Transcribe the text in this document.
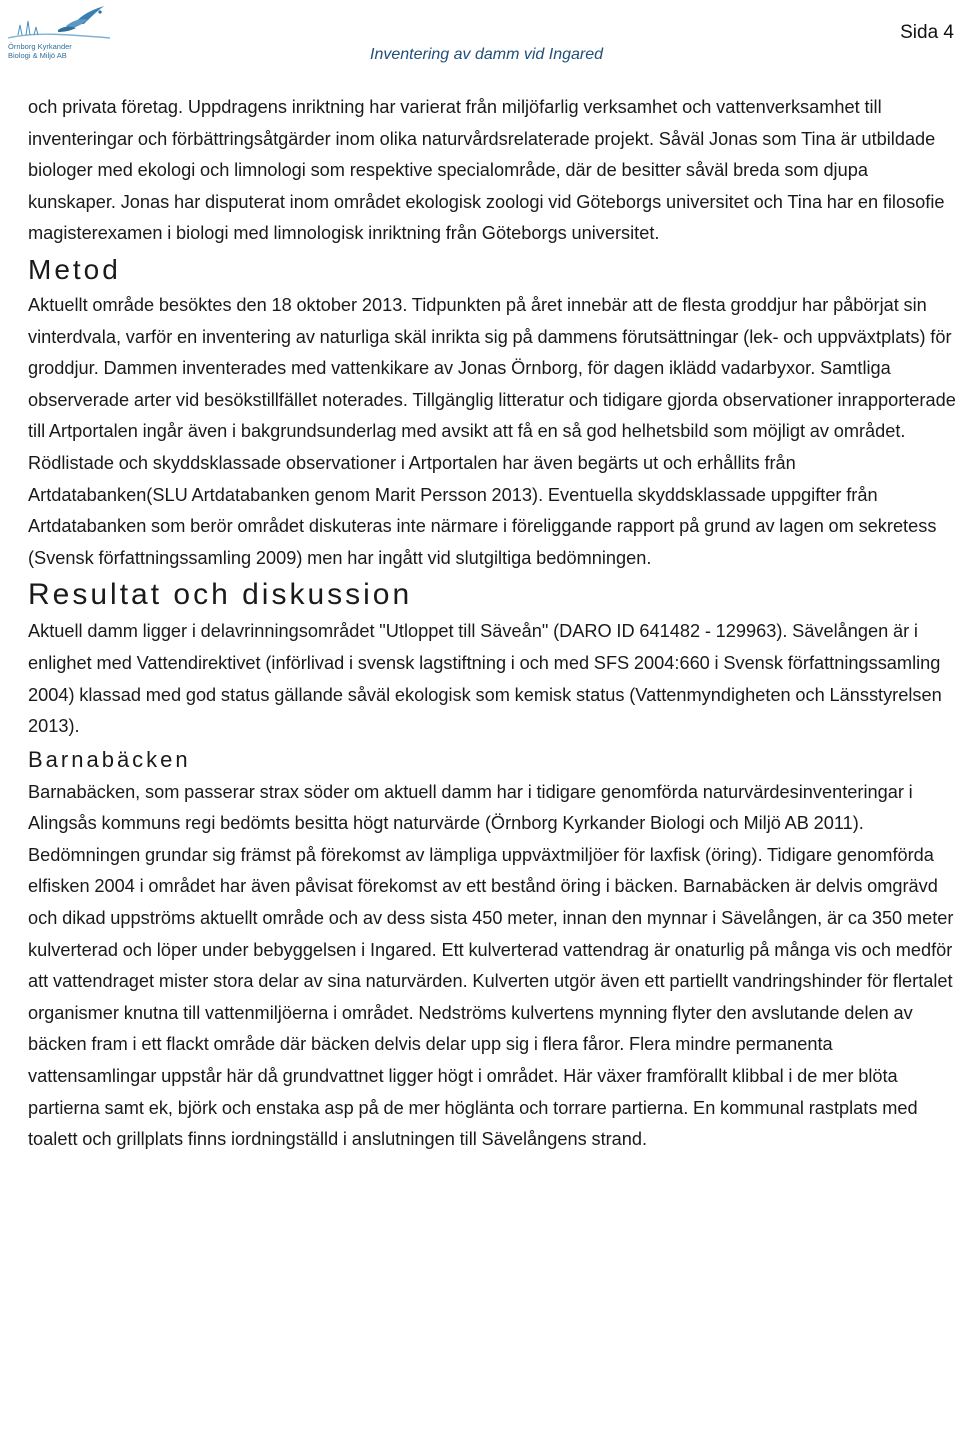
Örnborg Kyrkander
Biologi & Miljö AB	Inventering av damm vid Ingared
Sida 4

och privata företag. Uppdragens inriktning har varierat från miljöfarlig verksamhet och vattenverksamhet till inventeringar och förbättringsåtgärder inom olika naturvårdsrelaterade projekt. Såväl Jonas som Tina är utbildade biologer med ekologi och limnologi som respektive specialområde, där de besitter såväl breda som djupa kunskaper. Jonas har disputerat inom området ekologisk zoologi vid Göteborgs universitet och Tina har en filosofie magisterexamen i biologi med limnologisk inriktning från Göteborgs universitet.

Metod

Aktuellt område besöktes den 18 oktober 2013. Tidpunkten på året innebär att de flesta groddjur har påbörjat sin vinterdvala, varför en inventering av naturliga skäl inrikta sig på dammens förutsättningar (lek- och uppväxtplats) för groddjur. Dammen inventerades med vattenkikare av Jonas Örnborg, för dagen iklädd vadarbyxor. Samtliga observerade arter vid besökstillfället noterades. Tillgänglig litteratur och tidigare gjorda observationer inrapporterade till Artportalen ingår även i bakgrundsunderlag med avsikt att få en så god helhetsbild som möjligt av området. Rödlistade och skyddsklassade observationer i Artportalen har även begärts ut och erhållits från Artdatabanken(SLU Artdatabanken genom Marit Persson 2013). Eventuella skyddsklassade uppgifter från Artdatabanken som berör området diskuteras inte närmare i föreliggande rapport på grund av lagen om sekretess (Svensk författningssamling 2009) men har ingått vid slutgiltiga bedömningen.

Resultat och diskussion

Aktuell damm ligger i delavrinningsområdet "Utloppet till Säveån" (DARO ID 641482 - 129963). Sävelången är i enlighet med Vattendirektivet (införlivad i svensk lagstiftning i och med SFS 2004:660 i Svensk författningssamling 2004) klassad med god status gällande såväl ekologisk som kemisk status (Vattenmyndigheten och Länsstyrelsen 2013).

Barnabäcken

Barnabäcken, som passerar strax söder om aktuell damm har i tidigare genomförda naturvärdesinventeringar i Alingsås kommuns regi bedömts besitta högt naturvärde (Örnborg Kyrkander Biologi och Miljö AB 2011). Bedömningen grundar sig främst på förekomst av lämpliga uppväxtmiljöer för laxfisk (öring). Tidigare genomförda elfisken 2004 i området har även påvisat förekomst av ett bestånd öring i bäcken. Barnabäcken är delvis omgrävd och dikad uppströms aktuellt område och av dess sista 450 meter, innan den mynnar i Sävelången, är ca 350 meter kulverterad och löper under bebyggelsen i Ingared. Ett kulverterad vattendrag är onaturlig på många vis och medför att vattendraget mister stora delar av sina naturvärden. Kulverten utgör även ett partiellt vandringshinder för flertalet organismer knutna till vattenmiljöerna i området. Nedströms kulvertens mynning flyter den avslutande delen av bäcken fram i ett flackt område där bäcken delvis delar upp sig i flera fåror. Flera mindre permanenta vattensamlingar uppstår här då grundvattnet ligger högt i området. Här växer framförallt klibbal i de mer blöta partierna samt ek, björk och enstaka asp på de mer höglänta och torrare partierna. En kommunal rastplats med toalett och grillplats finns iordningställd i anslutningen till Sävelångens strand.
